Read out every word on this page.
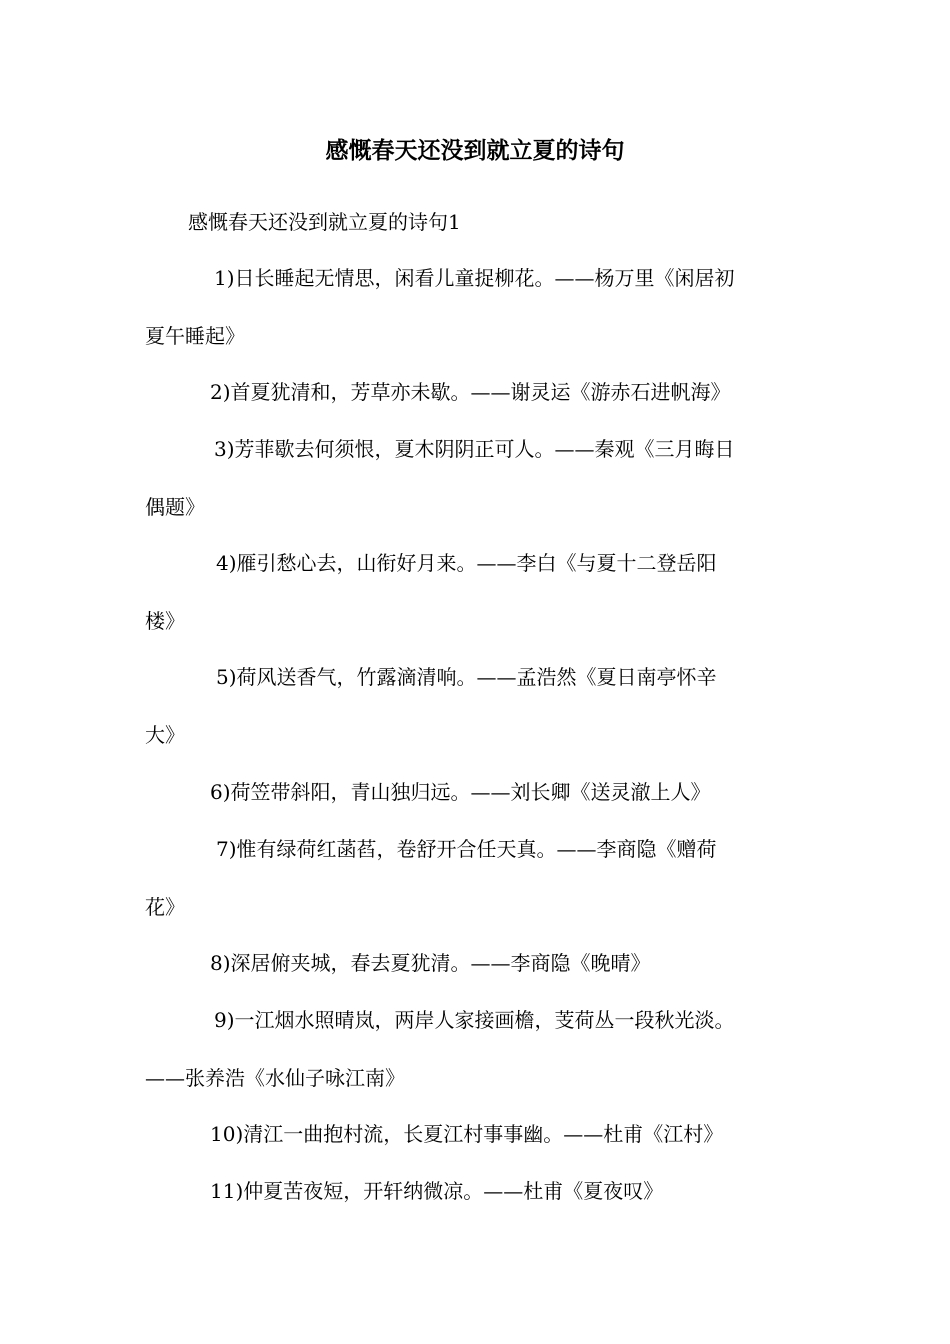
感慨春天还没到就立夏的诗句
感慨春天还没到就立夏的诗句1
1)日长睡起无情思，闲看儿童捉柳花。——杨万里《闲居初
夏午睡起》
2)首夏犹清和，芳草亦未歇。——谢灵运《游赤石进帆海》
3)芳菲歇去何须恨，夏木阴阴正可人。——秦观《三月晦日
偶题》
4)雁引愁心去，山衔好月来。——李白《与夏十二登岳阳
楼》
5)荷风送香气，竹露滴清响。——孟浩然《夏日南亭怀辛
大》
6)荷笠带斜阳，青山独归远。——刘长卿《送灵澈上人》
7)惟有绿荷红菡萏，卷舒开合任天真。——李商隐《赠荷
花》
8)深居俯夹城，春去夏犹清。——李商隐《晚晴》
9)一江烟水照晴岚，两岸人家接画檐，芰荷丛一段秋光淡。
——张养浩《水仙子咏江南》
10)清江一曲抱村流，长夏江村事事幽。——杜甫《江村》
11)仲夏苦夜短，开轩纳微凉。——杜甫《夏夜叹》
